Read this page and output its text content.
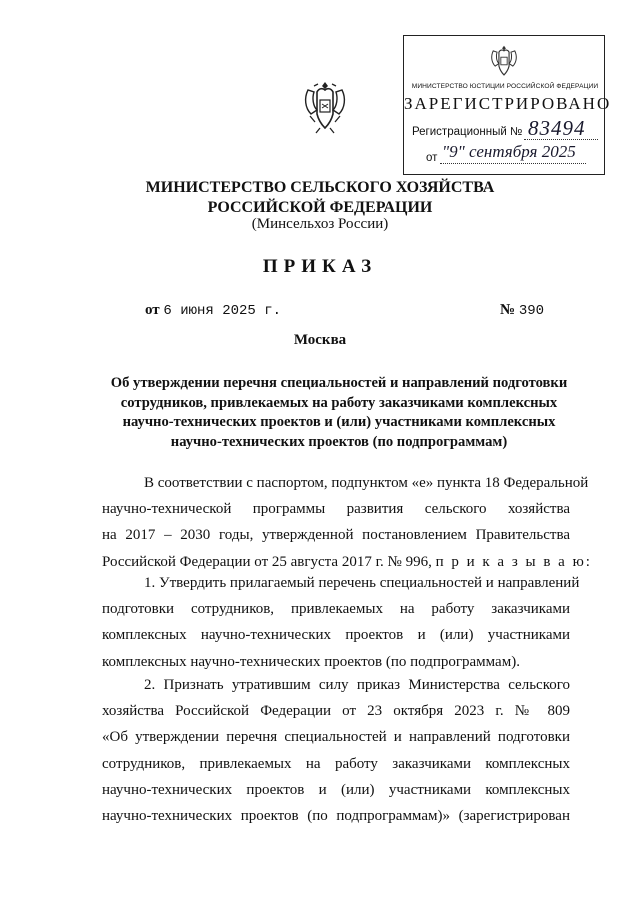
МИНИСТЕРСТВО ЮСТИЦИИ РОССИЙСКОЙ ФЕДЕРАЦИИ
ЗАРЕГИСТРИРОВАНО
Регистрационный № 83494
от "9" сентября 2025
МИНИСТЕРСТВО СЕЛЬСКОГО ХОЗЯЙСТВА
РОССИЙСКОЙ ФЕДЕРАЦИИ
(Минсельхоз России)
ПРИКАЗ
от 6 июня 2025 г.	№ 390
Москва
Об утверждении перечня специальностей и направлений подготовки
сотрудников, привлекаемых на работу заказчиками комплексных
научно-технических проектов и (или) участниками комплексных
научно-технических проектов (по подпрограммам)
В соответствии с паспортом, подпунктом «е» пункта 18 Федеральной
научно-технической программы развития сельского хозяйства
на 2017 – 2030 годы, утвержденной постановлением Правительства
Российской Федерации от 25 августа 2017 г. № 996, п р и к а з ы в а ю:
1. Утвердить прилагаемый перечень специальностей и направлений
подготовки сотрудников, привлекаемых на работу заказчиками
комплексных научно-технических проектов и (или) участниками
комплексных научно-технических проектов (по подпрограммам).
2. Признать утратившим силу приказ Министерства сельского
хозяйства Российской Федерации от 23 октября 2023 г. № 809
«Об утверждении перечня специальностей и направлений подготовки
сотрудников, привлекаемых на работу заказчиками комплексных
научно-технических проектов и (или) участниками комплексных
научно-технических проектов (по подпрограммам)» (зарегистрирован
